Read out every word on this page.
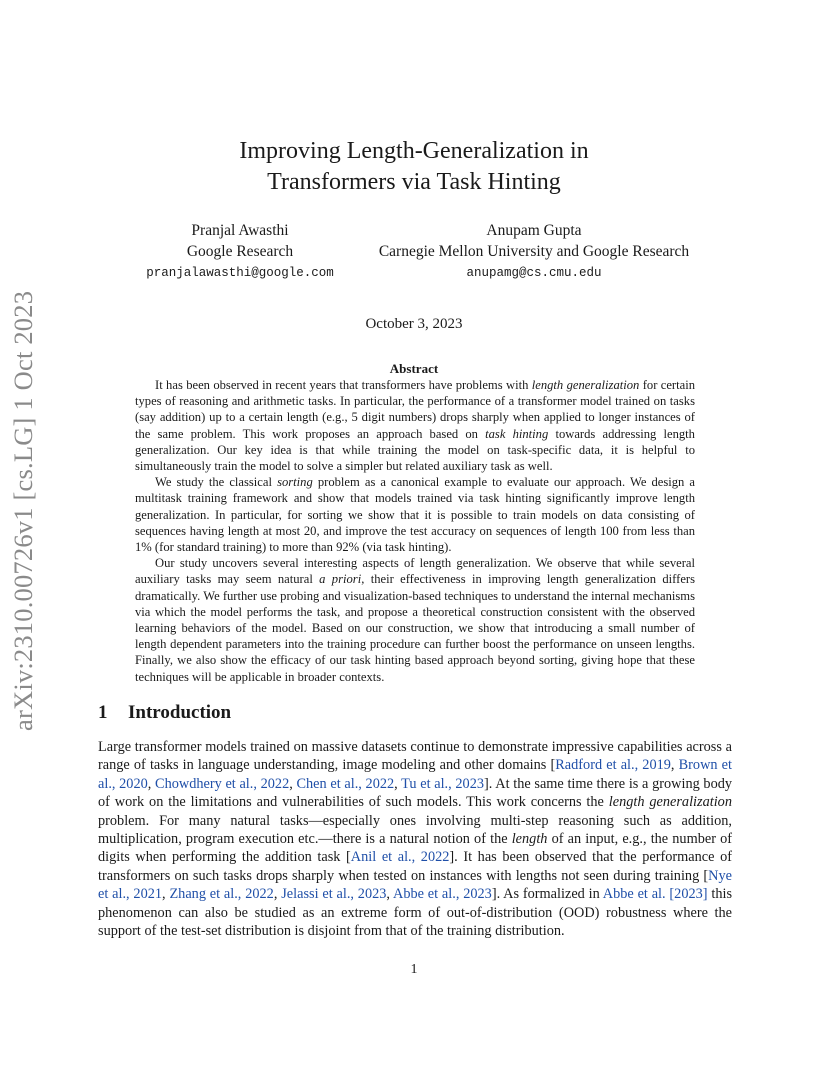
arXiv:2310.00726v1 [cs.LG] 1 Oct 2023
Improving Length-Generalization in
Transformers via Task Hinting
Pranjal Awasthi
Google Research
pranjalawasthi@google.com
Anupam Gupta
Carnegie Mellon University and Google Research
anupamg@cs.cmu.edu
October 3, 2023
Abstract

It has been observed in recent years that transformers have problems with length generalization for certain types of reasoning and arithmetic tasks. In particular, the performance of a transformer model trained on tasks (say addition) up to a certain length (e.g., 5 digit numbers) drops sharply when applied to longer instances of the same problem. This work proposes an approach based on task hinting towards addressing length generalization. Our key idea is that while training the model on task-specific data, it is helpful to simultaneously train the model to solve a simpler but related auxiliary task as well.

We study the classical sorting problem as a canonical example to evaluate our approach. We design a multitask training framework and show that models trained via task hinting significantly improve length generalization. In particular, for sorting we show that it is possible to train models on data consisting of sequences having length at most 20, and improve the test accuracy on sequences of length 100 from less than 1% (for standard training) to more than 92% (via task hinting).

Our study uncovers several interesting aspects of length generalization. We observe that while several auxiliary tasks may seem natural a priori, their effectiveness in improving length generalization differs dramatically. We further use probing and visualization-based techniques to understand the internal mechanisms via which the model performs the task, and propose a theoretical construction consistent with the observed learning behaviors of the model. Based on our construction, we show that introducing a small number of length dependent parameters into the training procedure can further boost the performance on unseen lengths. Finally, we also show the efficacy of our task hinting based approach beyond sorting, giving hope that these techniques will be applicable in broader contexts.

1 Introduction

Large transformer models trained on massive datasets continue to demonstrate impressive capabilities across a range of tasks in language understanding, image modeling and other domains [Radford et al., 2019, Brown et al., 2020, Chowdhery et al., 2022, Chen et al., 2022, Tu et al., 2023]. At the same time there is a growing body of work on the limitations and vulnerabilities of such models. This work concerns the length generalization problem. For many natural tasks—especially ones involving multi-step reasoning such as addition, multiplication, program execution etc.—there is a natural notion of the length of an input, e.g., the number of digits when performing the addition task [Anil et al., 2022]. It has been observed that the performance of transformers on such tasks drops sharply when tested on instances with lengths not seen during training [Nye et al., 2021, Zhang et al., 2022, Jelassi et al., 2023, Abbe et al., 2023]. As formalized in Abbe et al. [2023] this phenomenon can also be studied as an extreme form of out-of-distribution (OOD) robustness where the support of the test-set distribution is disjoint from that of the training distribution.

1
